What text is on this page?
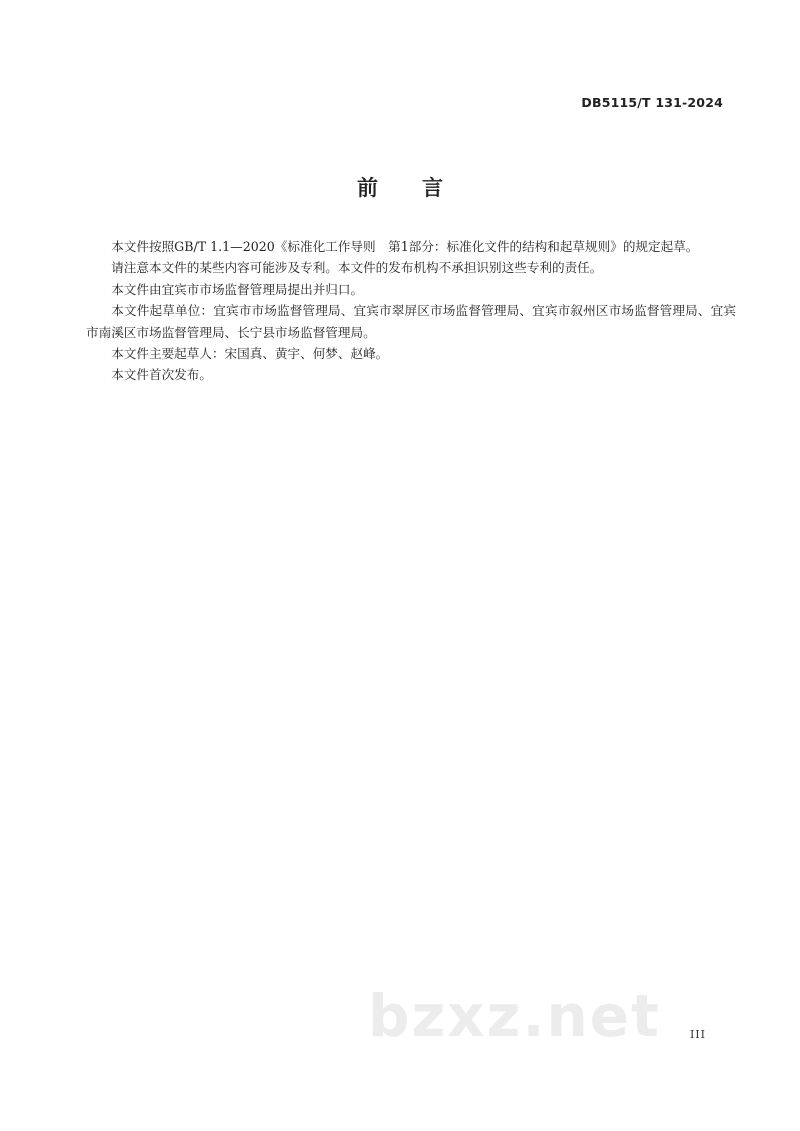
DB5115/T 131-2024
前言

本文件按照GB/T 1.1—2020《标准化工作导则　第1部分：标准化文件的结构和起草规则》的规定起草。

请注意本文件的某些内容可能涉及专利。本文件的发布机构不承担识别这些专利的责任。

本文件由宜宾市市场监督管理局提出并归口。

本文件起草单位：宜宾市市场监督管理局、宜宾市翠屏区市场监督管理局、宜宾市叙州区市场监督管理局、宜宾市南溪区市场监督管理局、长宁县市场监督管理局。

本文件主要起草人：宋国真、黄宇、何梦、赵峰。

本文件首次发布。

bzxz.net	III
